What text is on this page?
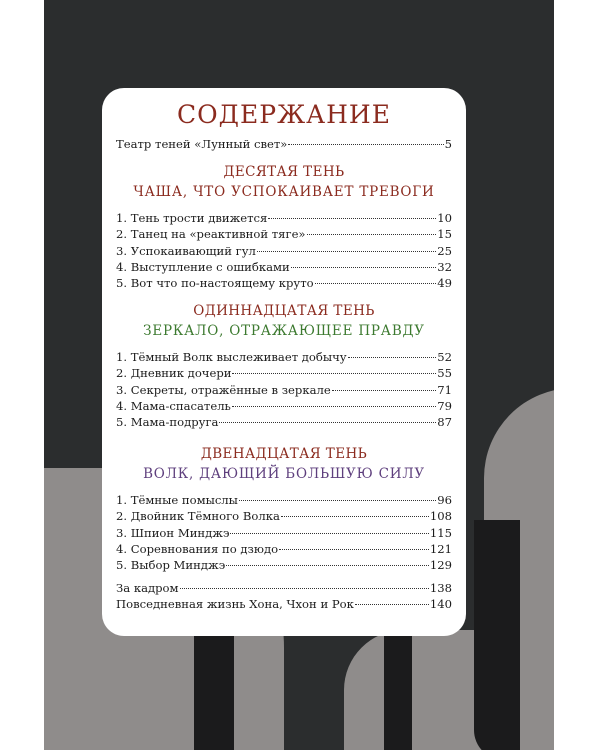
СОДЕРЖАНИЕ
Театр теней «Лунный свет»	5
ДЕСЯТАЯ ТЕНЬ
ЧАША, ЧТО УСПОКАИВАЕТ ТРЕВОГИ
1. Тень трости движется	10
2. Танец на «реактивной тяге»	15
3. Успокаивающий гул	25
4. Выступление с ошибками	32
5. Вот что по-настоящему круто	49
ОДИННАДЦАТАЯ ТЕНЬ
ЗЕРКАЛО, ОТРАЖАЮЩЕЕ ПРАВДУ
1. Тёмный Волк выслеживает добычу	52
2. Дневник дочери	55
3. Секреты, отражённые в зеркале	71
4. Мама-спасатель	79
5. Мама-подруга	87
ДВЕНАДЦАТАЯ ТЕНЬ
ВОЛК, ДАЮЩИЙ БОЛЬШУЮ СИЛУ
1. Тёмные помыслы	96
2. Двойник Тёмного Волка	108
3. Шпион Минджэ	115
4. Соревнования по дзюдо	121
5. Выбор Минджэ	129
За кадром	138
Повседневная жизнь Хона, Чхон и Рок	140
